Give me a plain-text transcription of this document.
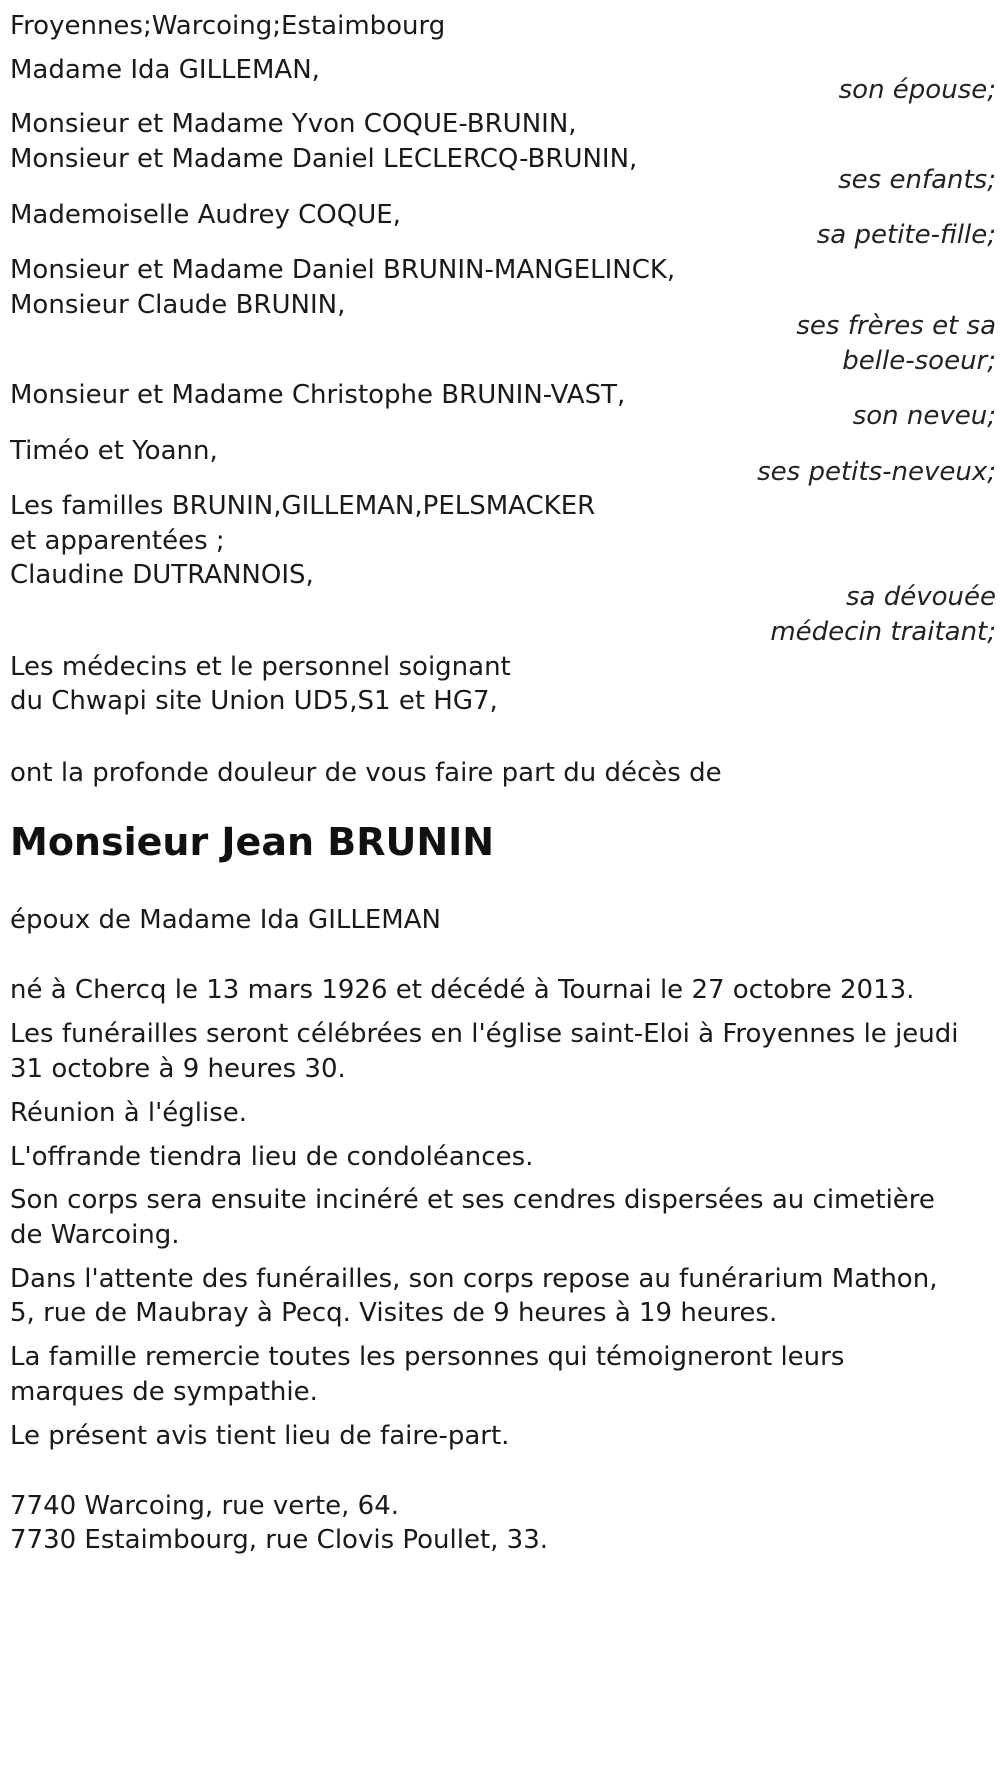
Froyennes;Warcoing;Estaimbourg
Madame Ida GILLEMAN,
son épouse;
Monsieur et Madame Yvon COQUE-BRUNIN,
Monsieur et Madame Daniel LECLERCQ-BRUNIN,
ses enfants;
Mademoiselle Audrey COQUE,
sa petite-fille;
Monsieur et Madame Daniel BRUNIN-MANGELINCK,
Monsieur Claude BRUNIN,
ses frères et sa
belle-soeur;
Monsieur et Madame Christophe BRUNIN-VAST,
son neveu;
Timéo et Yoann,
ses petits-neveux;
Les familles BRUNIN,GILLEMAN,PELSMACKER
et apparentées ;
Claudine DUTRANNOIS,
sa dévouée
médecin traitant;
Les médecins et le personnel soignant
du Chwapi site Union UD5,S1 et HG7,
ont la profonde douleur de vous faire part du décès de
Monsieur Jean BRUNIN
époux de Madame Ida GILLEMAN
né à Chercq le 13 mars 1926 et décédé à Tournai le 27 octobre 2013.
Les funérailles seront célébrées en l'église saint-Eloi à Froyennes le jeudi
31 octobre à 9 heures 30.
Réunion à l'église.
L'offrande tiendra lieu de condoléances.
Son corps sera ensuite incinéré et ses cendres dispersées au cimetière
de Warcoing.
Dans l'attente des funérailles, son corps repose au funérarium Mathon,
5, rue de Maubray à Pecq. Visites de 9 heures à 19 heures.
La famille remercie toutes les personnes qui témoigneront leurs
marques de sympathie.
Le présent avis tient lieu de faire-part.
7740 Warcoing, rue verte, 64.
7730 Estaimbourg, rue Clovis Poullet, 33.
